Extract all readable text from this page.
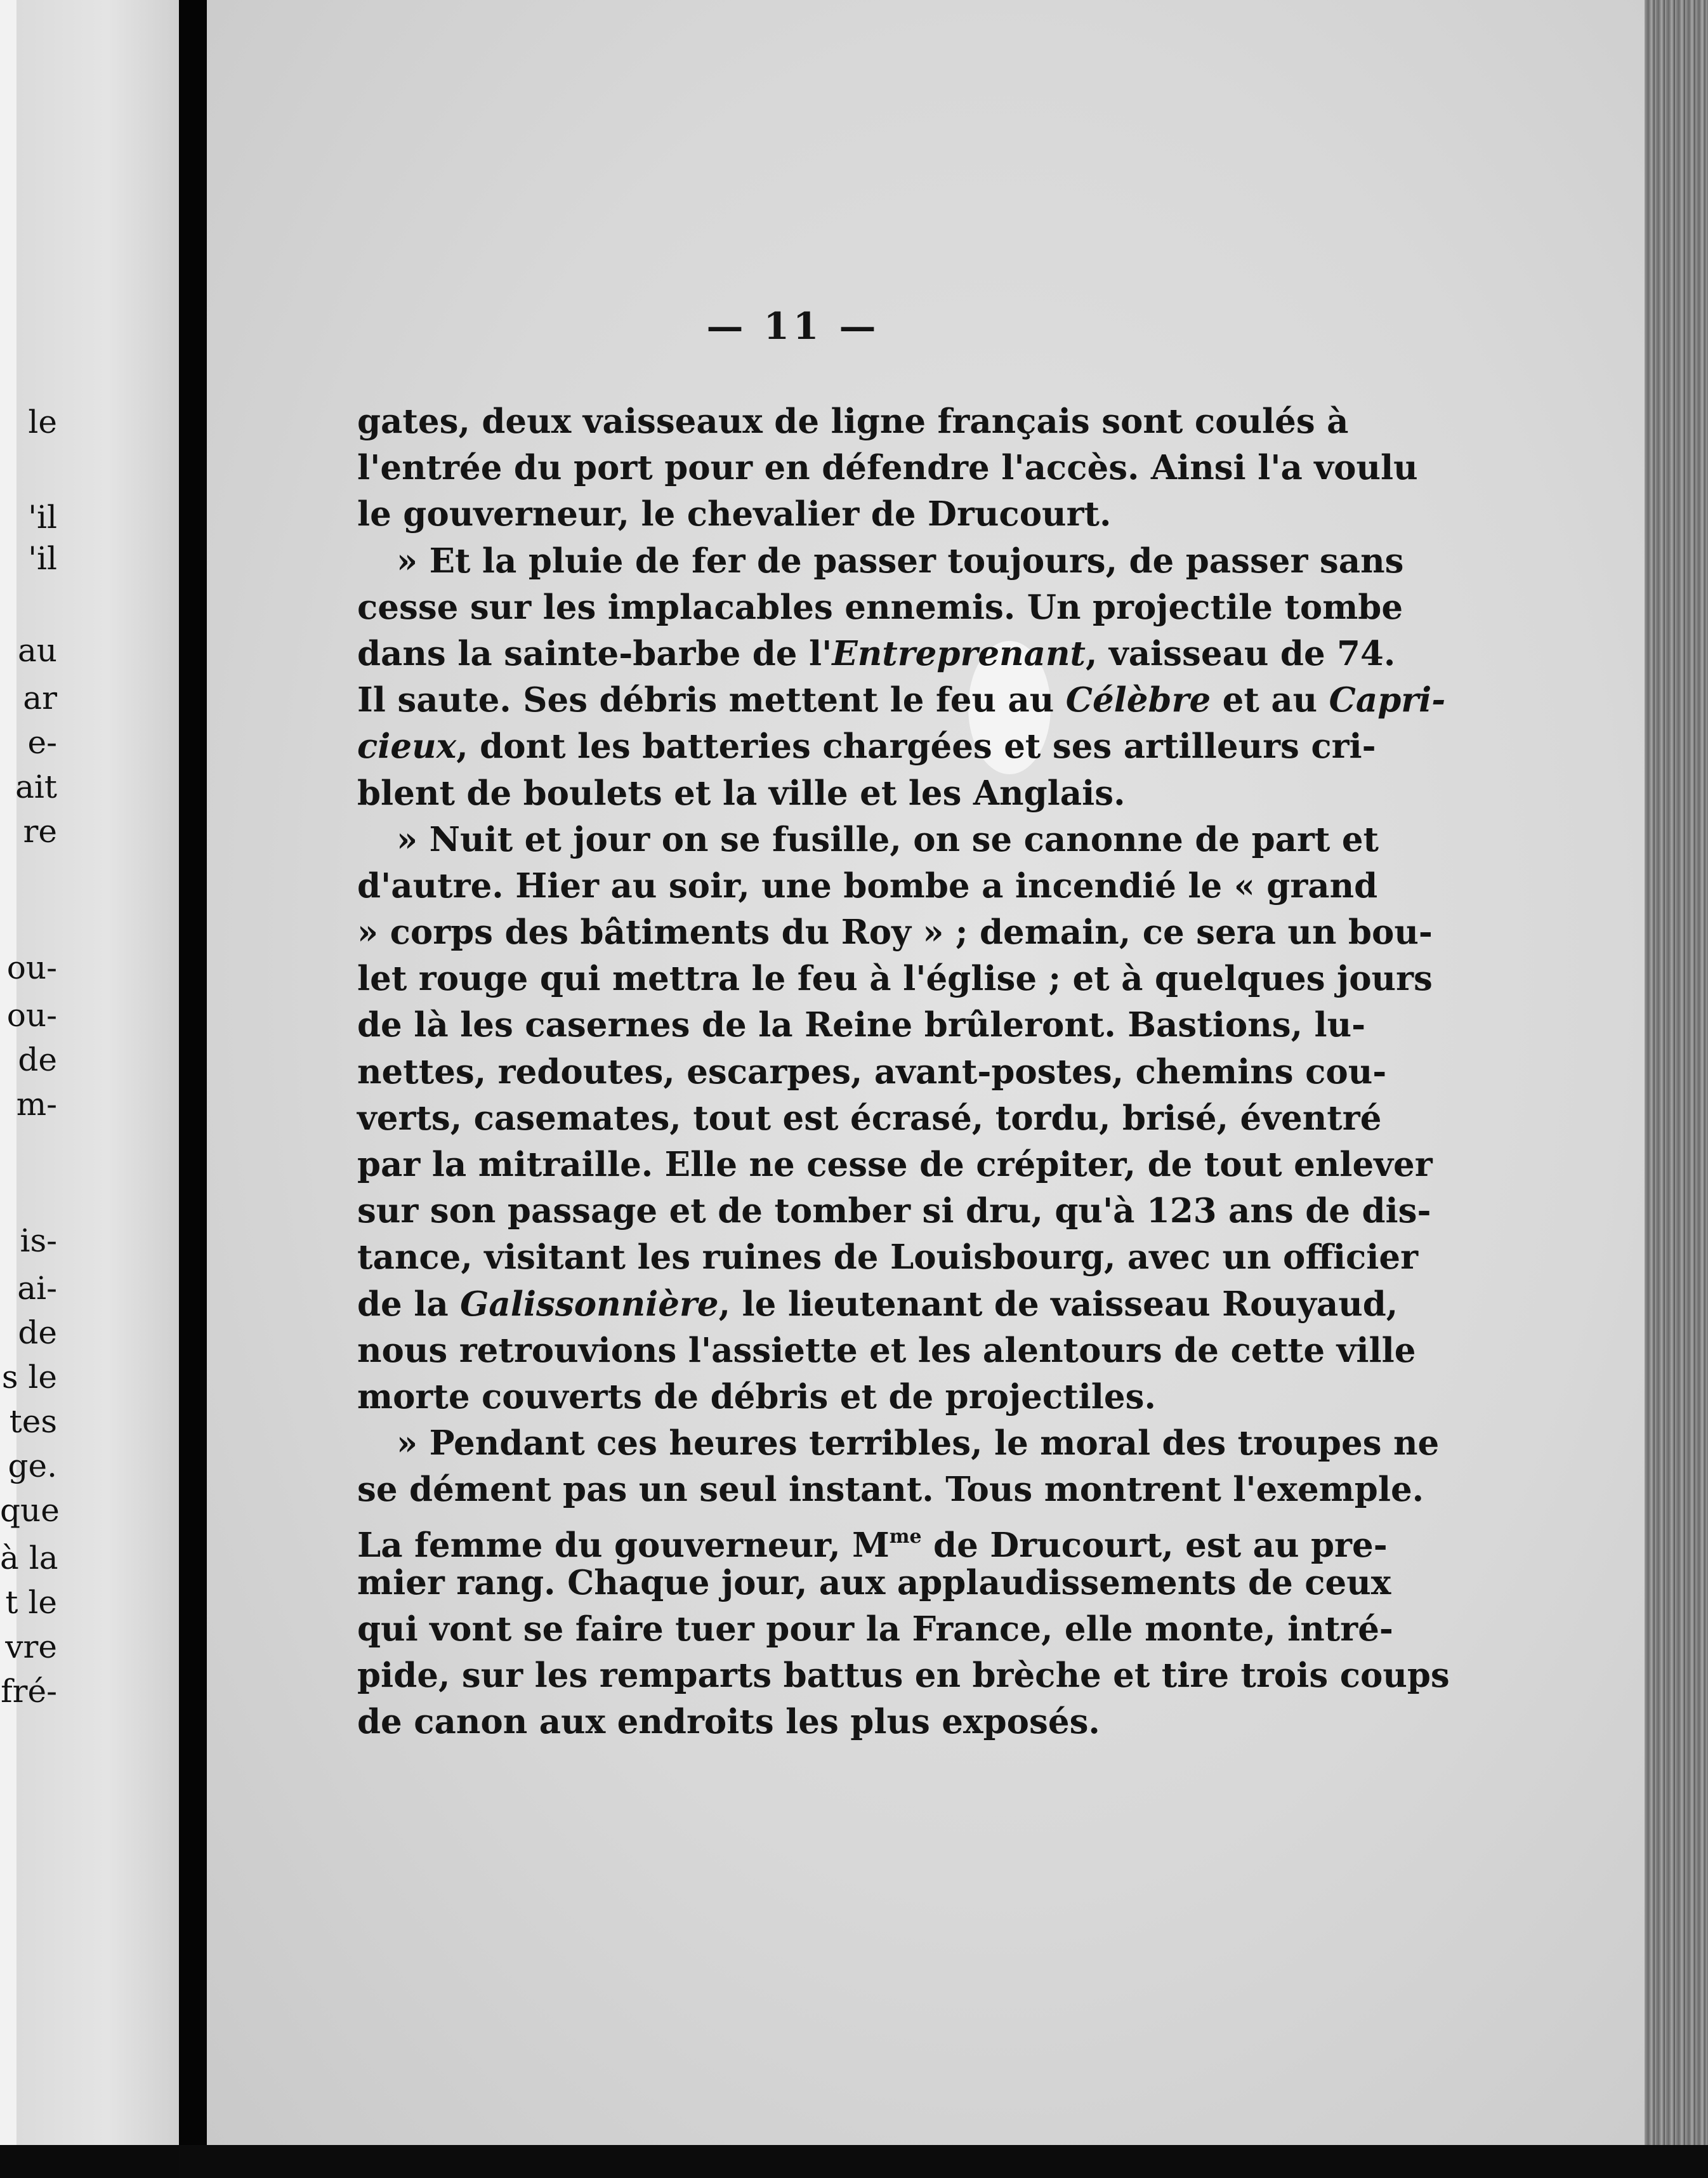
le
'il
'il
au
ar
e-
ait
re
ou-
ou-
de
m-
is-
ai-
de
s le
tes
ge.
que
à la
t le
vre
fré-
— 11 —
gates, deux vaisseaux de ligne français sont coulés à
l'entrée du port pour en défendre l'accès. Ainsi l'a voulu
le gouverneur, le chevalier de Drucourt.
» Et la pluie de fer de passer toujours, de passer sans
cesse sur les implacables ennemis. Un projectile tombe
dans la sainte-barbe de l'Entreprenant, vaisseau de 74.
Il saute. Ses débris mettent le feu au Célèbre et au Capri-
cieux, dont les batteries chargées et ses artilleurs cri-
blent de boulets et la ville et les Anglais.
» Nuit et jour on se fusille, on se canonne de part et
d'autre. Hier au soir, une bombe a incendié le « grand
» corps des bâtiments du Roy » ; demain, ce sera un bou-
let rouge qui mettra le feu à l'église ; et à quelques jours
de là les casernes de la Reine brûleront. Bastions, lu-
nettes, redoutes, escarpes, avant-postes, chemins cou-
verts, casemates, tout est écrasé, tordu, brisé, éventré
par la mitraille. Elle ne cesse de crépiter, de tout enlever
sur son passage et de tomber si dru, qu'à 123 ans de dis-
tance, visitant les ruines de Louisbourg, avec un officier
de la Galissonnière, le lieutenant de vaisseau Rouyaud,
nous retrouvions l'assiette et les alentours de cette ville
morte couverts de débris et de projectiles.
» Pendant ces heures terribles, le moral des troupes ne
se dément pas un seul instant. Tous montrent l'exemple.
La femme du gouverneur, $M^{me}$ de Drucourt, est au pre-
mier rang. Chaque jour, aux applaudissements de ceux
qui vont se faire tuer pour la France, elle monte, intré-
pide, sur les remparts battus en brèche et tire trois coups
de canon aux endroits les plus exposés.
